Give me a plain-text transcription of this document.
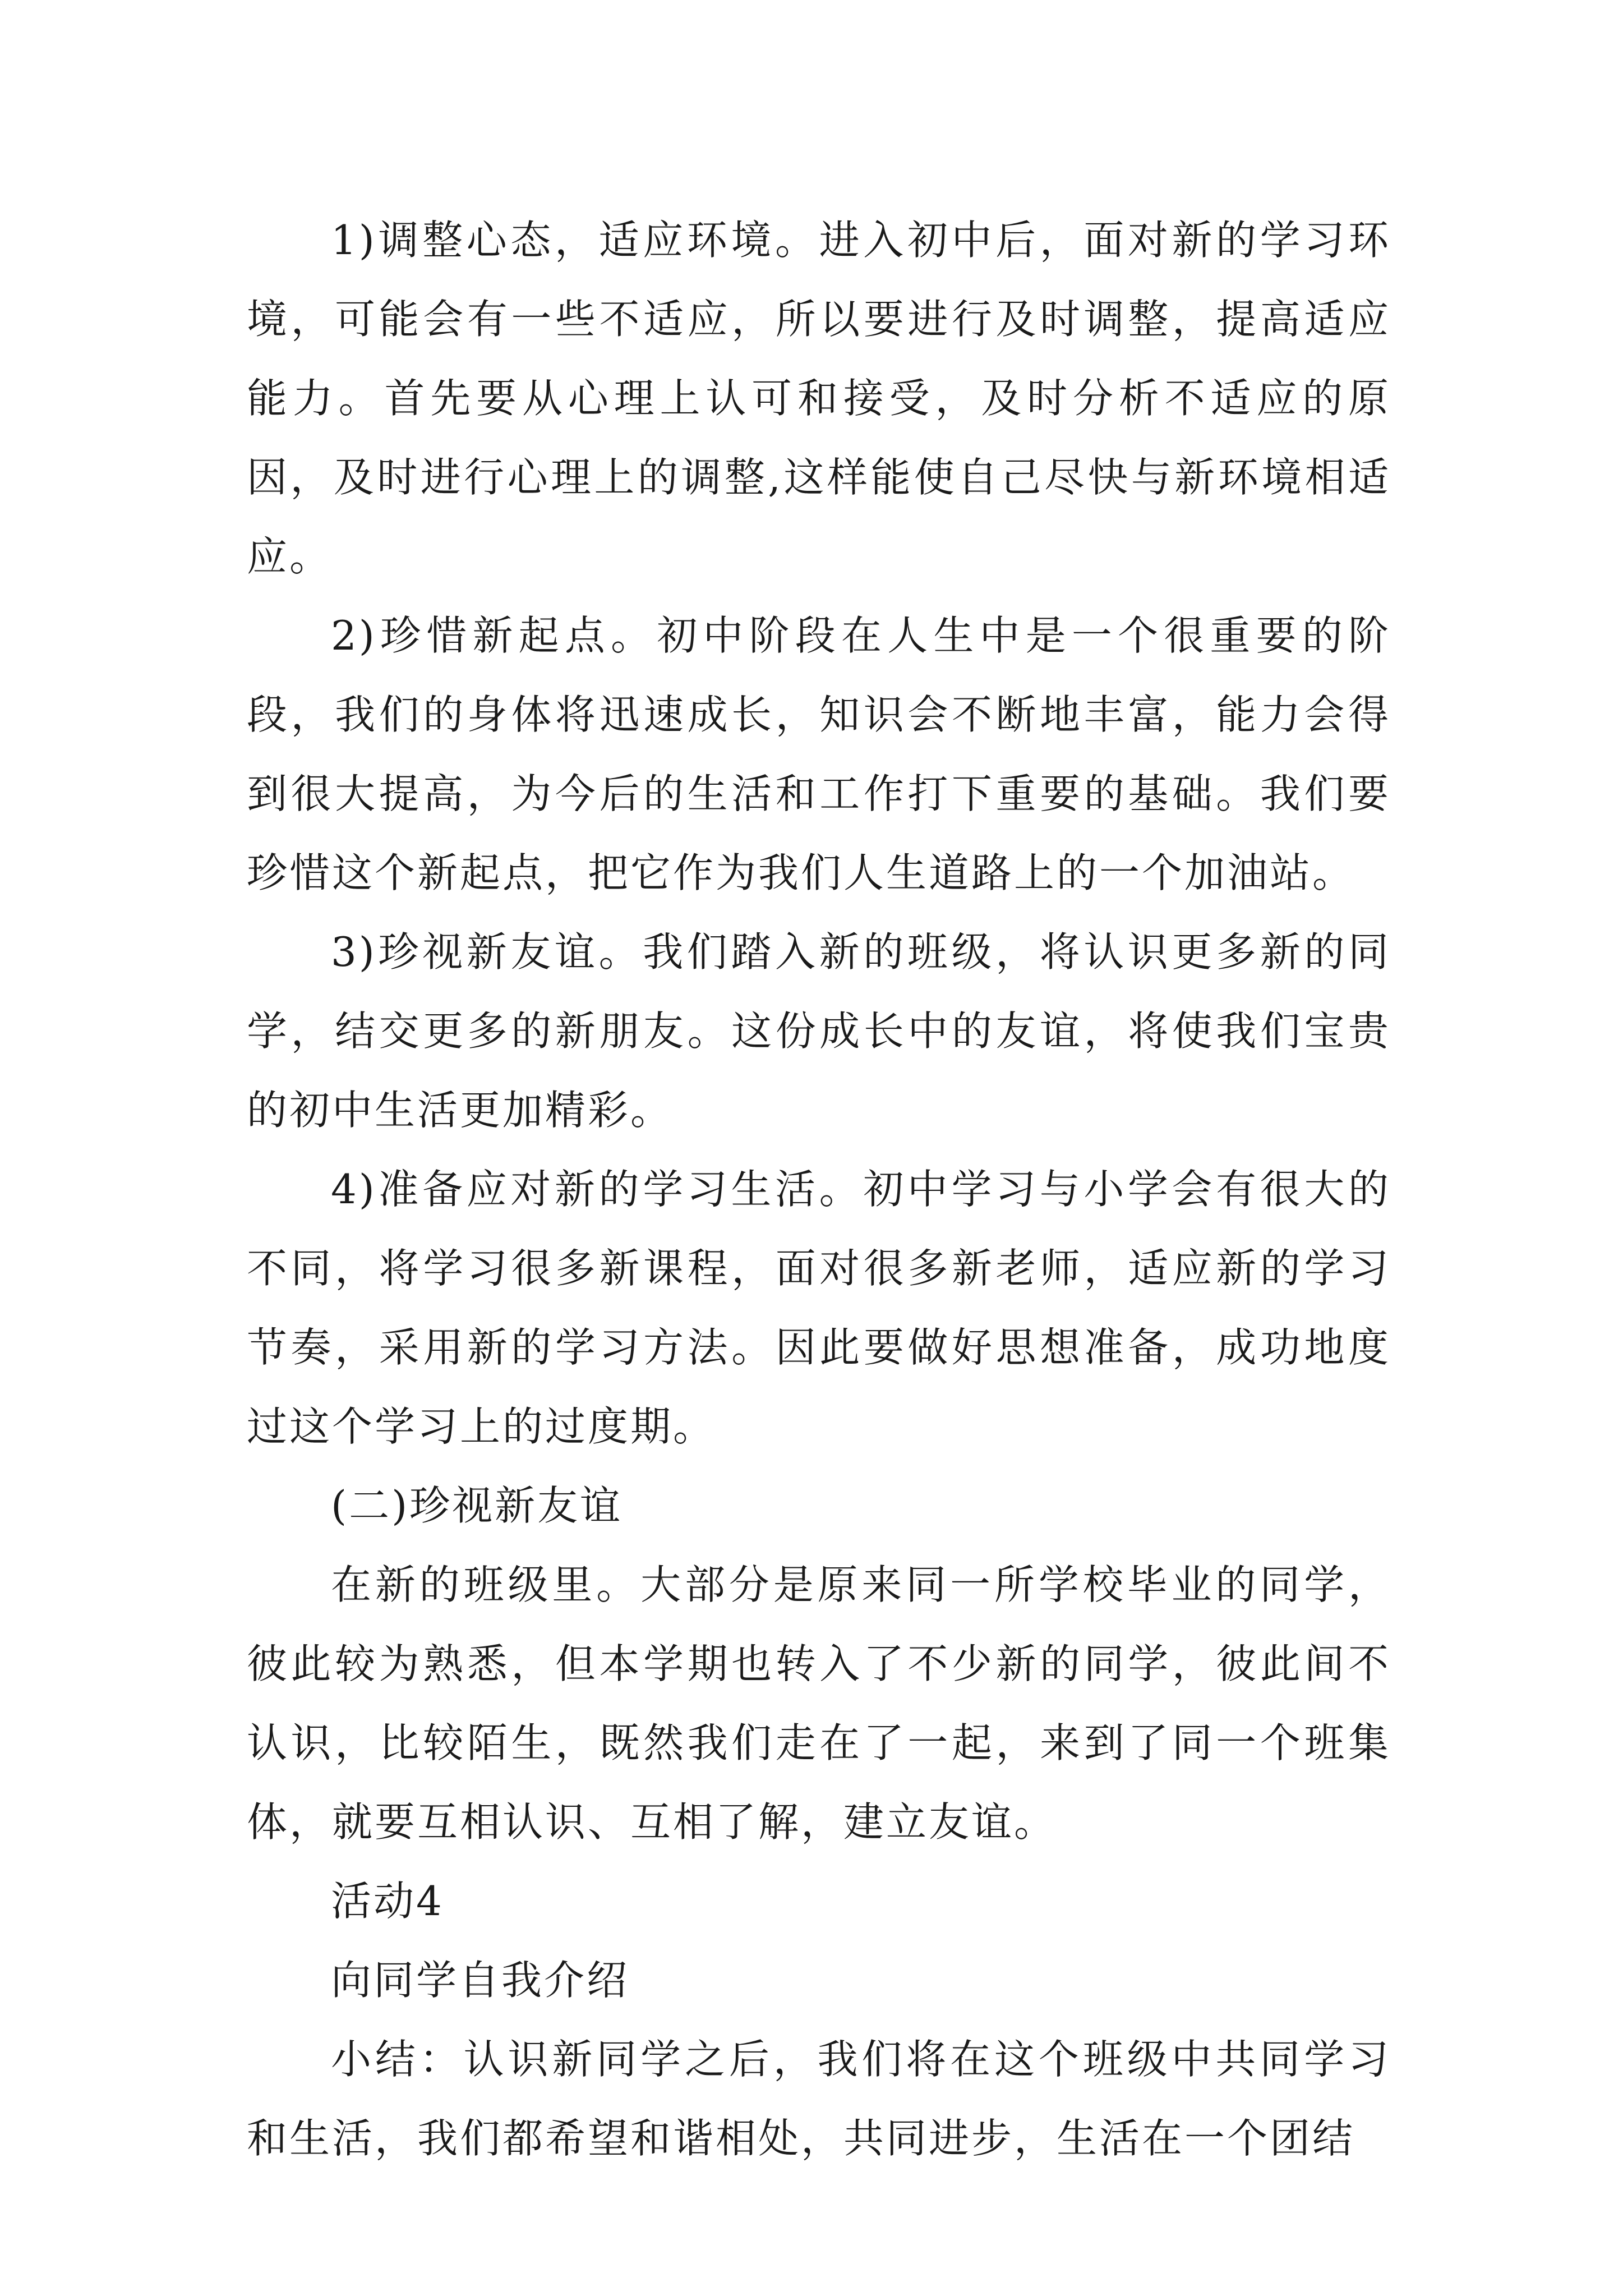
1)调整心态，适应环境。进入初中后，面对新的学习环境，可能会有一些不适应，所以要进行及时调整，提高适应能力。首先要从心理上认可和接受，及时分析不适应的原因，及时进行心理上的调整,这样能使自己尽快与新环境相适应。

2)珍惜新起点。初中阶段在人生中是一个很重要的阶段，我们的身体将迅速成长，知识会不断地丰富，能力会得到很大提高，为今后的生活和工作打下重要的基础。我们要珍惜这个新起点，把它作为我们人生道路上的一个加油站。

3)珍视新友谊。我们踏入新的班级，将认识更多新的同学，结交更多的新朋友。这份成长中的友谊，将使我们宝贵的初中生活更加精彩。

4)准备应对新的学习生活。初中学习与小学会有很大的不同，将学习很多新课程，面对很多新老师，适应新的学习节奏，采用新的学习方法。因此要做好思想准备，成功地度过这个学习上的过度期。

(二)珍视新友谊

在新的班级里。大部分是原来同一所学校毕业的同学，彼此较为熟悉，但本学期也转入了不少新的同学，彼此间不认识，比较陌生，既然我们走在了一起，来到了同一个班集体，就要互相认识、互相了解，建立友谊。

活动4

向同学自我介绍

小结：认识新同学之后，我们将在这个班级中共同学习和生活，我们都希望和谐相处，共同进步，生活在一个团结
